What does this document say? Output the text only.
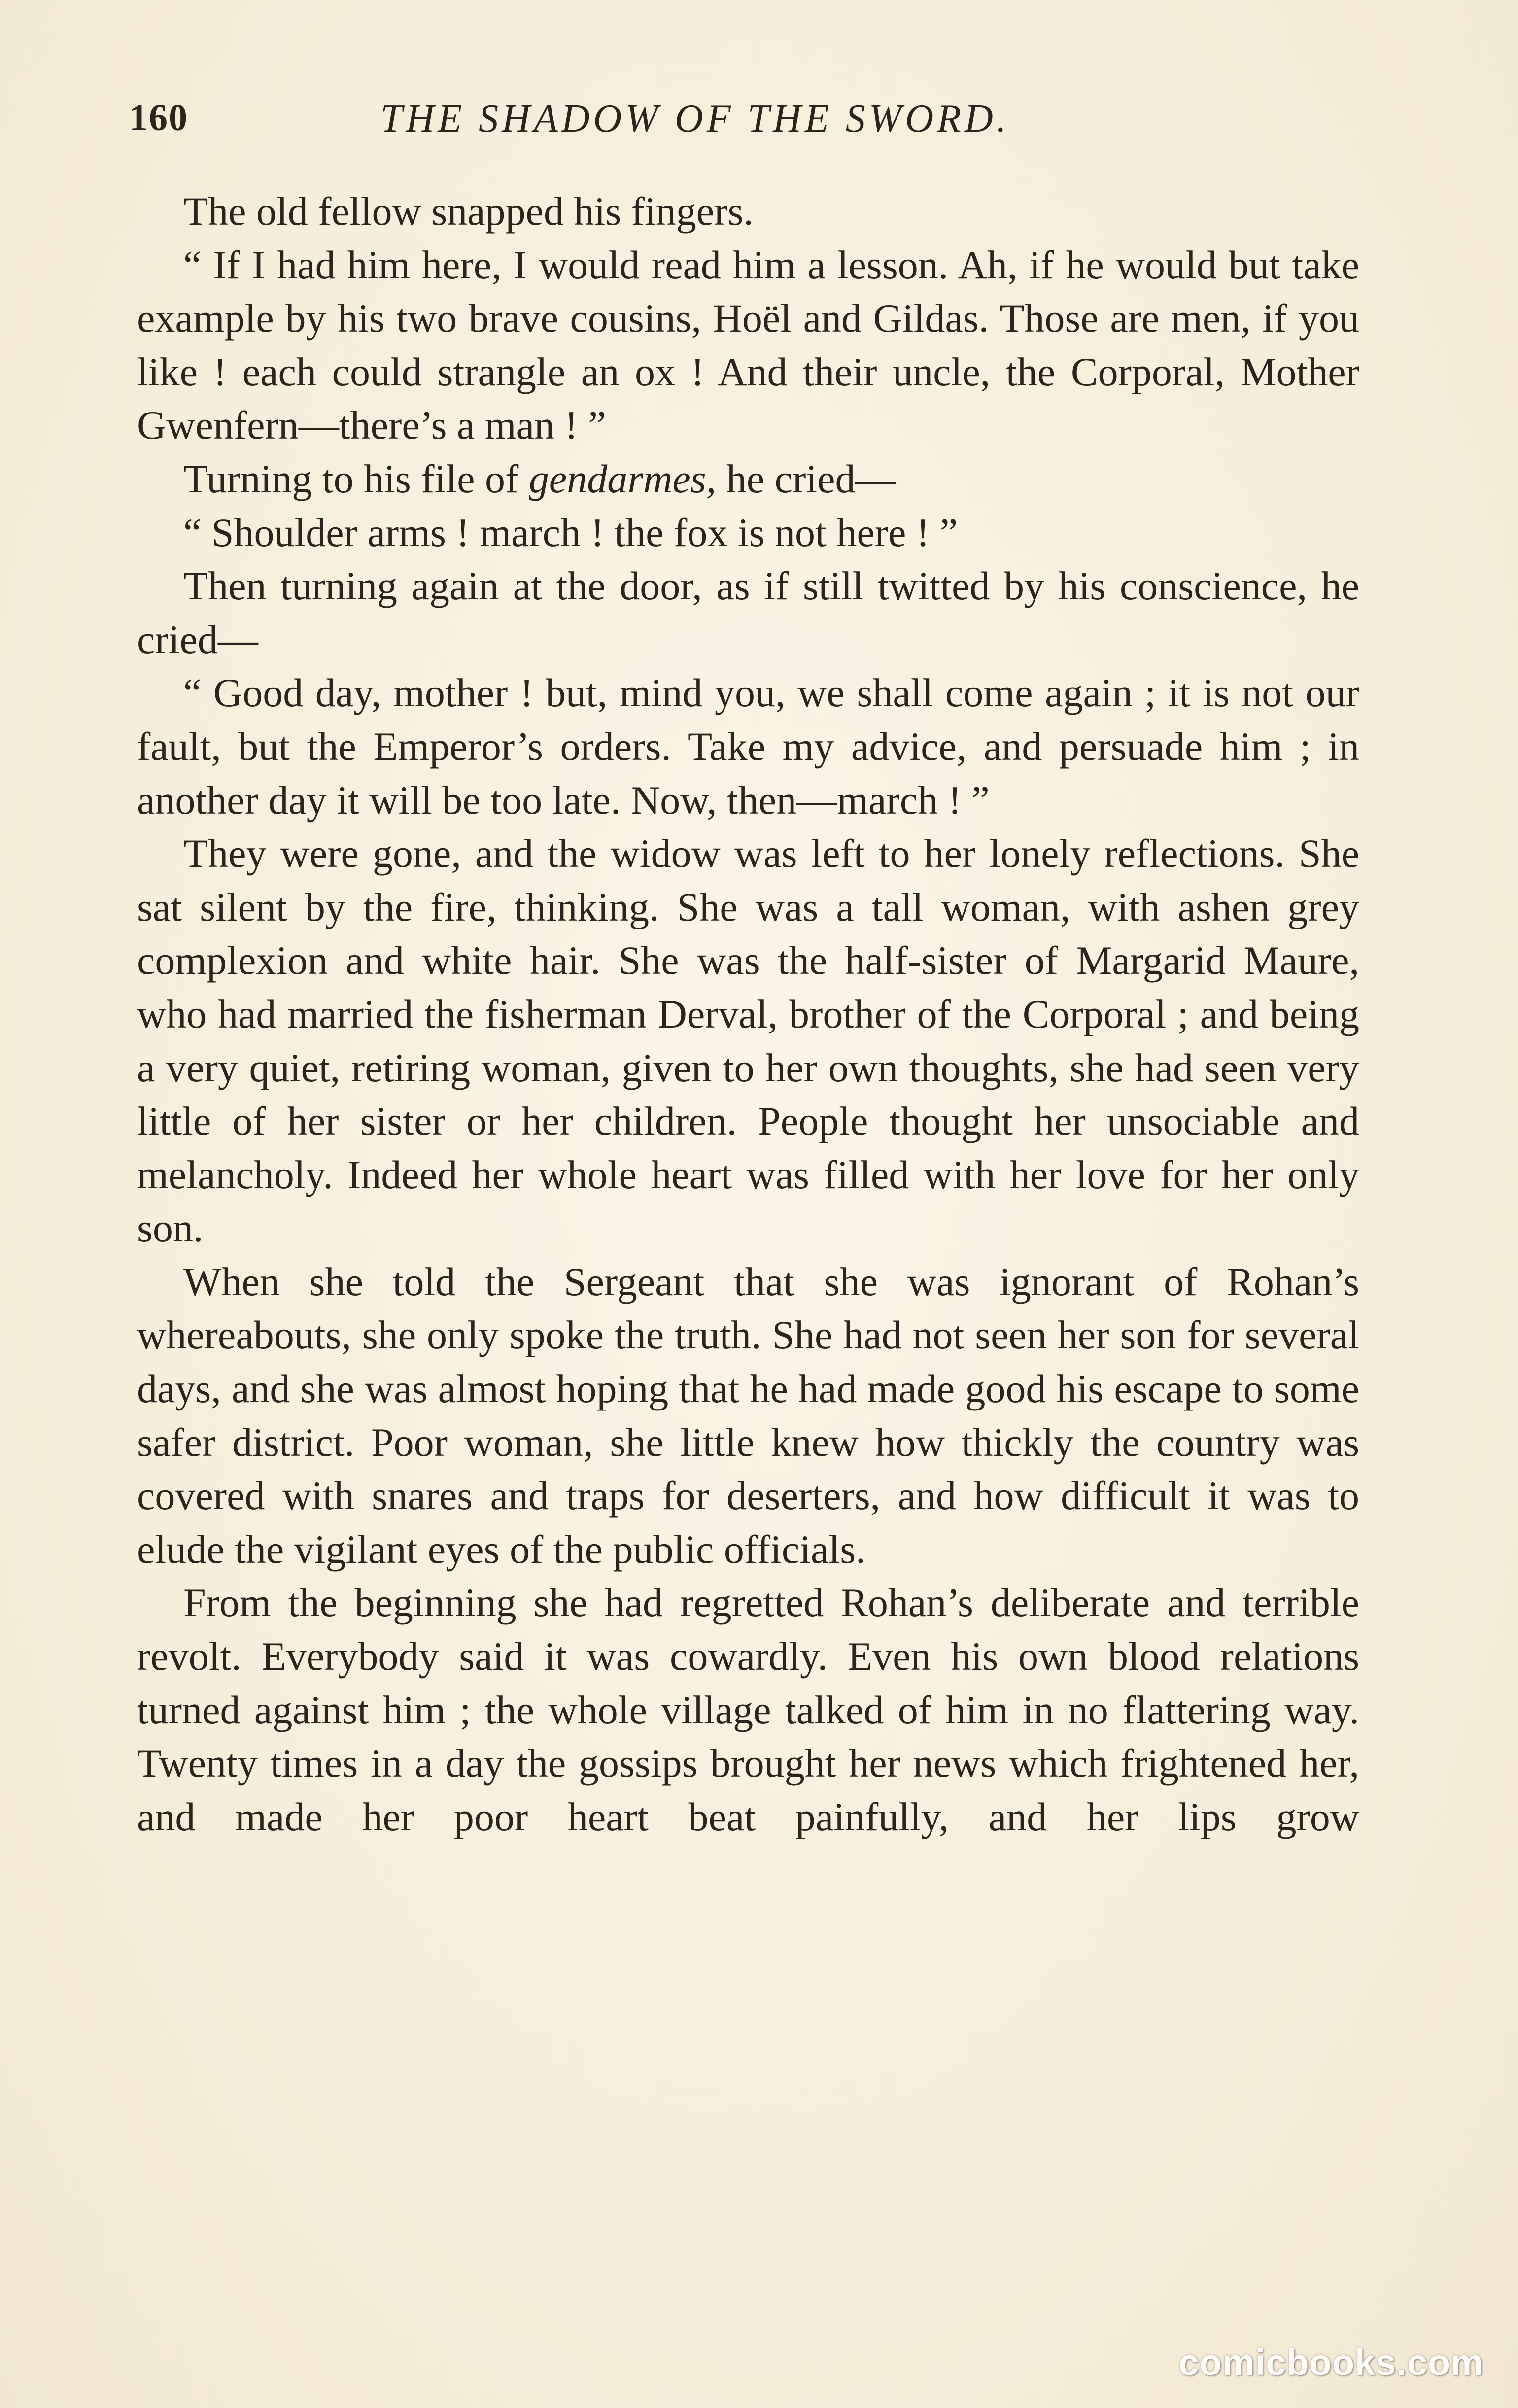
160	THE SHADOW OF THE SWORD.

The old fellow snapped his fingers.

“ If I had him here, I would read him a lesson. Ah, if he would but take example by his two brave cousins, Hoël and Gildas. Those are men, if you like ! each could strangle an ox ! And their uncle, the Corporal, Mother Gwenfern—there’s a man ! ”

Turning to his file of gendarmes, he cried—

“ Shoulder arms ! march ! the fox is not here ! ”

Then turning again at the door, as if still twitted by his conscience, he cried—

“ Good day, mother ! but, mind you, we shall come again ; it is not our fault, but the Emperor’s orders. Take my advice, and persuade him ; in another day it will be too late. Now, then—march ! ”

They were gone, and the widow was left to her lonely reflections. She sat silent by the fire, thinking. She was a tall woman, with ashen grey complexion and white hair. She was the half-sister of Margarid Maure, who had married the fisherman Derval, brother of the Corporal ; and being a very quiet, retiring woman, given to her own thoughts, she had seen very little of her sister or her children. People thought her unsociable and melancholy. Indeed her whole heart was filled with her love for her only son.

When she told the Sergeant that she was ignorant of Rohan’s whereabouts, she only spoke the truth. She had not seen her son for several days, and she was almost hoping that he had made good his escape to some safer district. Poor woman, she little knew how thickly the country was covered with snares and traps for deserters, and how difficult it was to elude the vigilant eyes of the public officials.

From the beginning she had regretted Rohan’s deliberate and terrible revolt. Everybody said it was cowardly. Even his own blood relations turned against him ; the whole village talked of him in no flattering way. Twenty times in a day the gossips brought her news which frightened her, and made her poor heart beat painfully, and her lips grow

comicbooks.com
